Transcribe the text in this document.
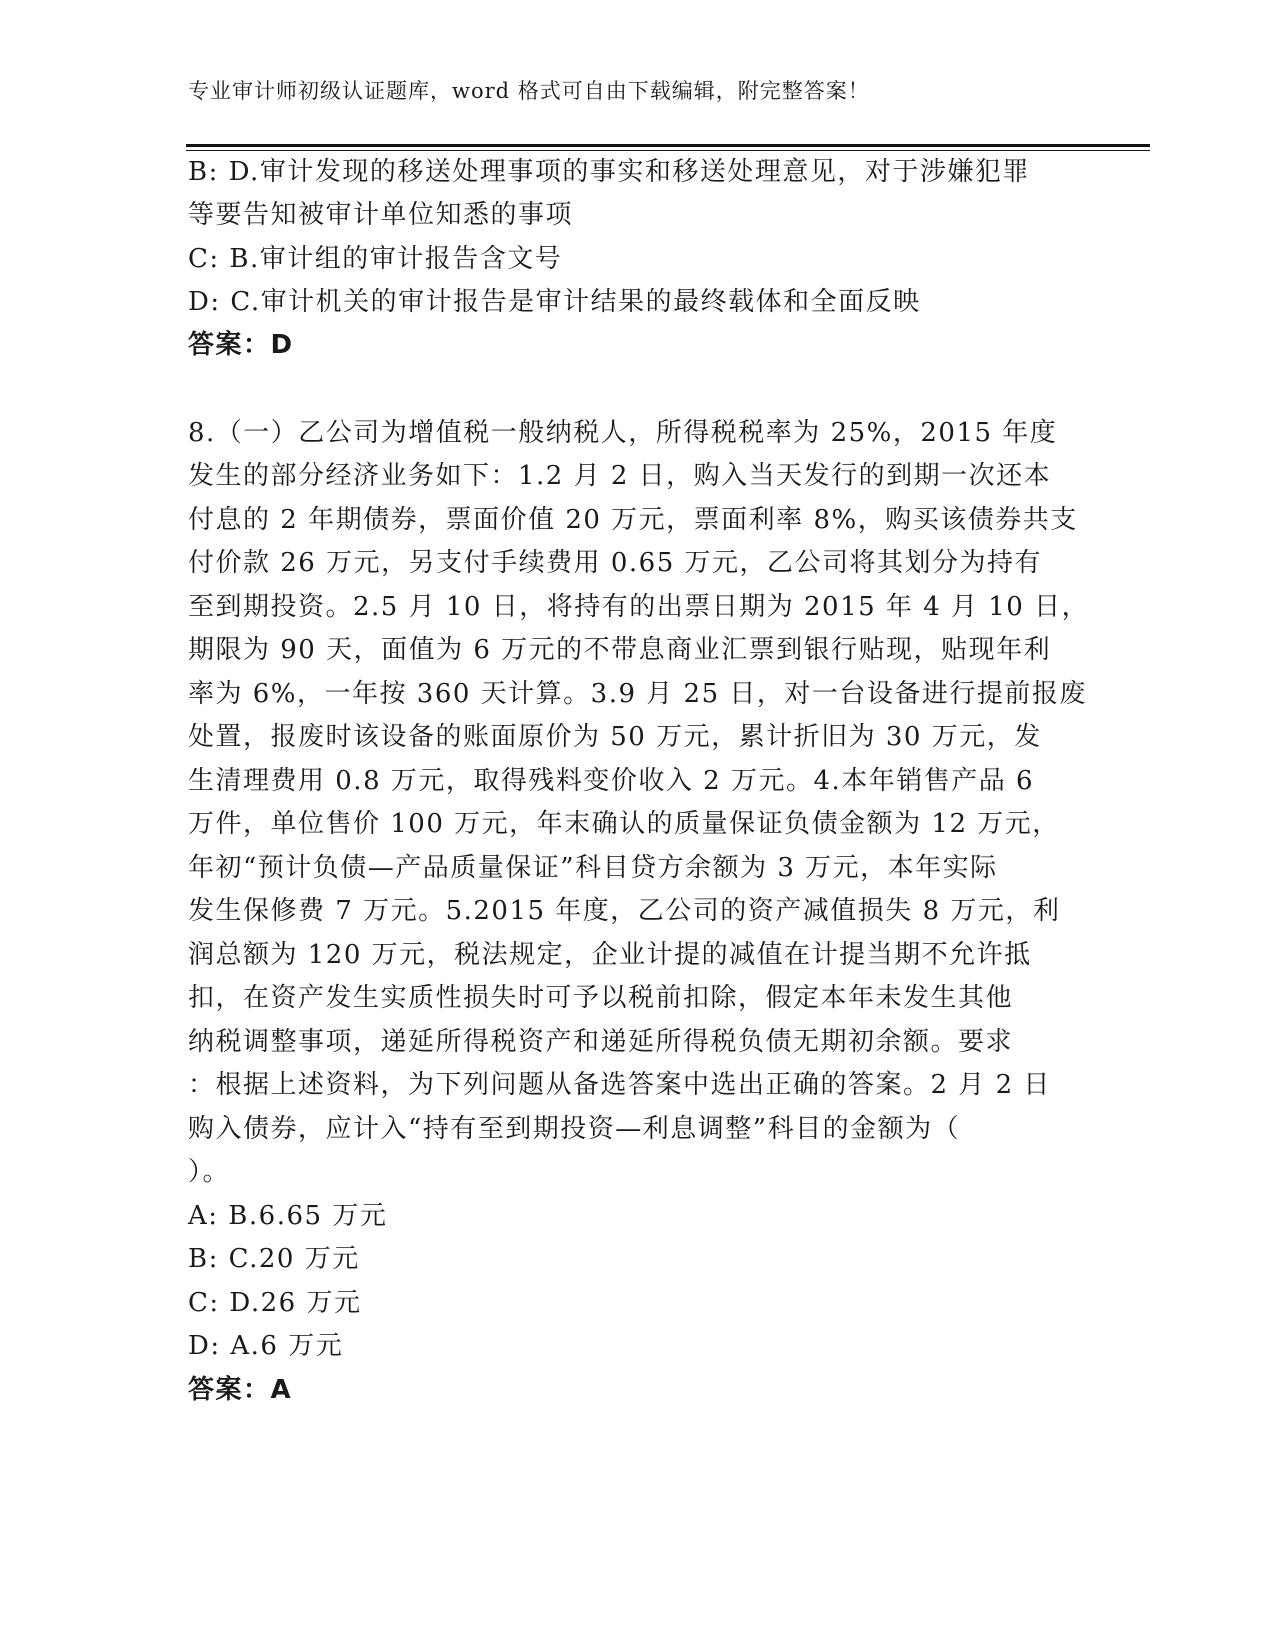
专业审计师初级认证题库，word 格式可自由下载编辑，附完整答案！
B: D.审计发现的移送处理事项的事实和移送处理意见，对于涉嫌犯罪
等要告知被审计单位知悉的事项
C: B.审计组的审计报告含文号
D: C.审计机关的审计报告是审计结果的最终载体和全面反映
答案：D
8.（一）乙公司为增值税一般纳税人，所得税税率为 25%，2015 年度
发生的部分经济业务如下：1.2 月 2 日，购入当天发行的到期一次还本
付息的 2 年期债券，票面价值 20 万元，票面利率 8%，购买该债券共支
付价款 26 万元，另支付手续费用 0.65 万元，乙公司将其划分为持有
至到期投资。2.5 月 10 日，将持有的出票日期为 2015 年 4 月 10 日，
期限为 90 天，面值为 6 万元的不带息商业汇票到银行贴现，贴现年利
率为 6%，一年按 360 天计算。3.9 月 25 日，对一台设备进行提前报废
处置，报废时该设备的账面原价为 50 万元，累计折旧为 30 万元，发
生清理费用 0.8 万元，取得残料变价收入 2 万元。4.本年销售产品 6
万件，单位售价 100 万元，年末确认的质量保证负债金额为 12 万元，
年初“预计负债—产品质量保证”科目贷方余额为 3 万元，本年实际
发生保修费 7 万元。5.2015 年度，乙公司的资产减值损失 8 万元，利
润总额为 120 万元，税法规定，企业计提的减值在计提当期不允许抵
扣，在资产发生实质性损失时可予以税前扣除，假定本年未发生其他
纳税调整事项，递延所得税资产和递延所得税负债无期初余额。要求
：根据上述资料，为下列问题从备选答案中选出正确的答案。2 月 2 日
购入债券，应计入“持有至到期投资—利息调整”科目的金额为（
）。
A: B.6.65 万元
B: C.20 万元
C: D.26 万元
D: A.6 万元
答案：A
